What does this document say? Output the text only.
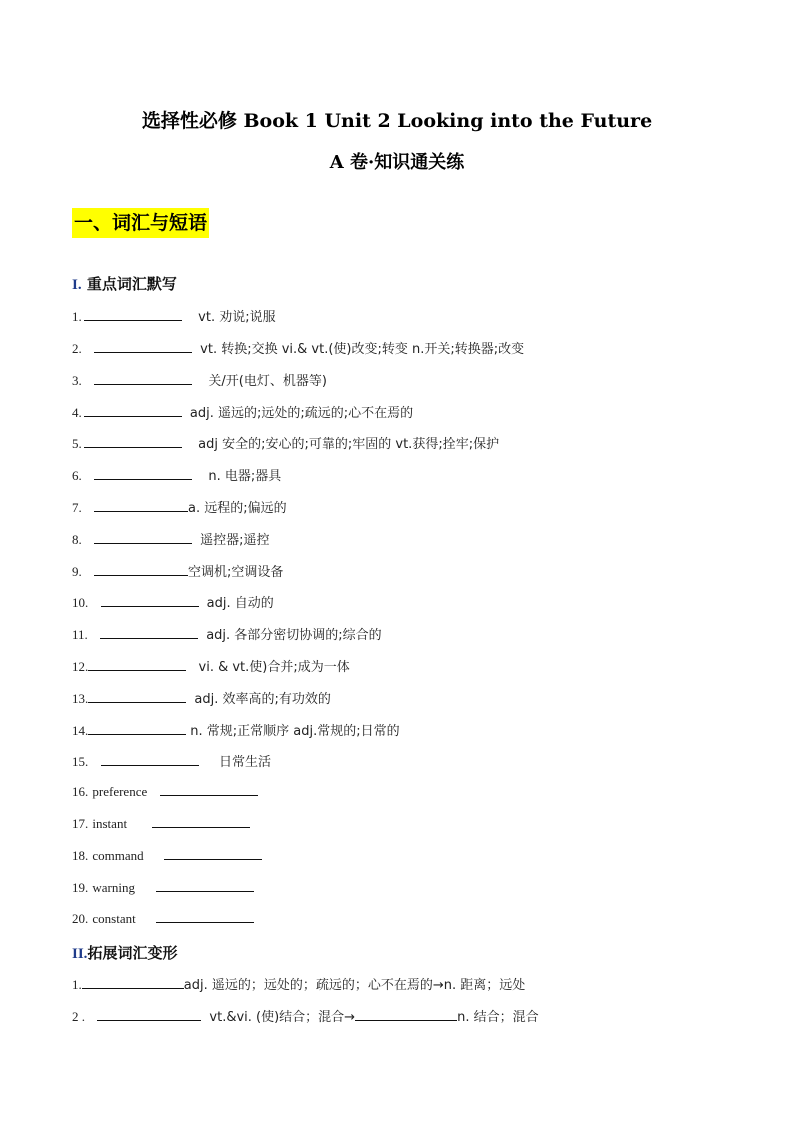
选择性必修 Book 1 Unit 2 Looking into the Future
A 卷·知识通关练
一、词汇与短语
I. 重点词汇默写
1.	vt. 劝说;说服
2.	vt. 转换;交换 vi.& vt.(使)改变;转变 n.开关;转换器;改变
3.	关/开(电灯、机器等)
4.	adj. 遥远的;远处的;疏远的;心不在焉的
5.	adj 安全的;安心的;可靠的;牢固的 vt.获得;拴牢;保护
6.	n. 电器;器具
7.	a. 远程的;偏远的
8.	遥控器;遥控
9.	空调机;空调设备
10.	adj. 自动的
11.	adj. 各部分密切协调的;综合的
12.	vi. & vt.使)合并;成为一体
13.	adj. 效率高的;有功效的
14.	n. 常规;正常顺序 adj.常规的;日常的
15.	日常生活
16. preference
17. instant
18. command
19. warning
20. constant
II.拓展词汇变形
1.	adj. 遥远的；远处的；疏远的；心不在焉的→n. 距离；远处
2 .	vt.&vi. (使)结合；混合→	n. 结合；混合
